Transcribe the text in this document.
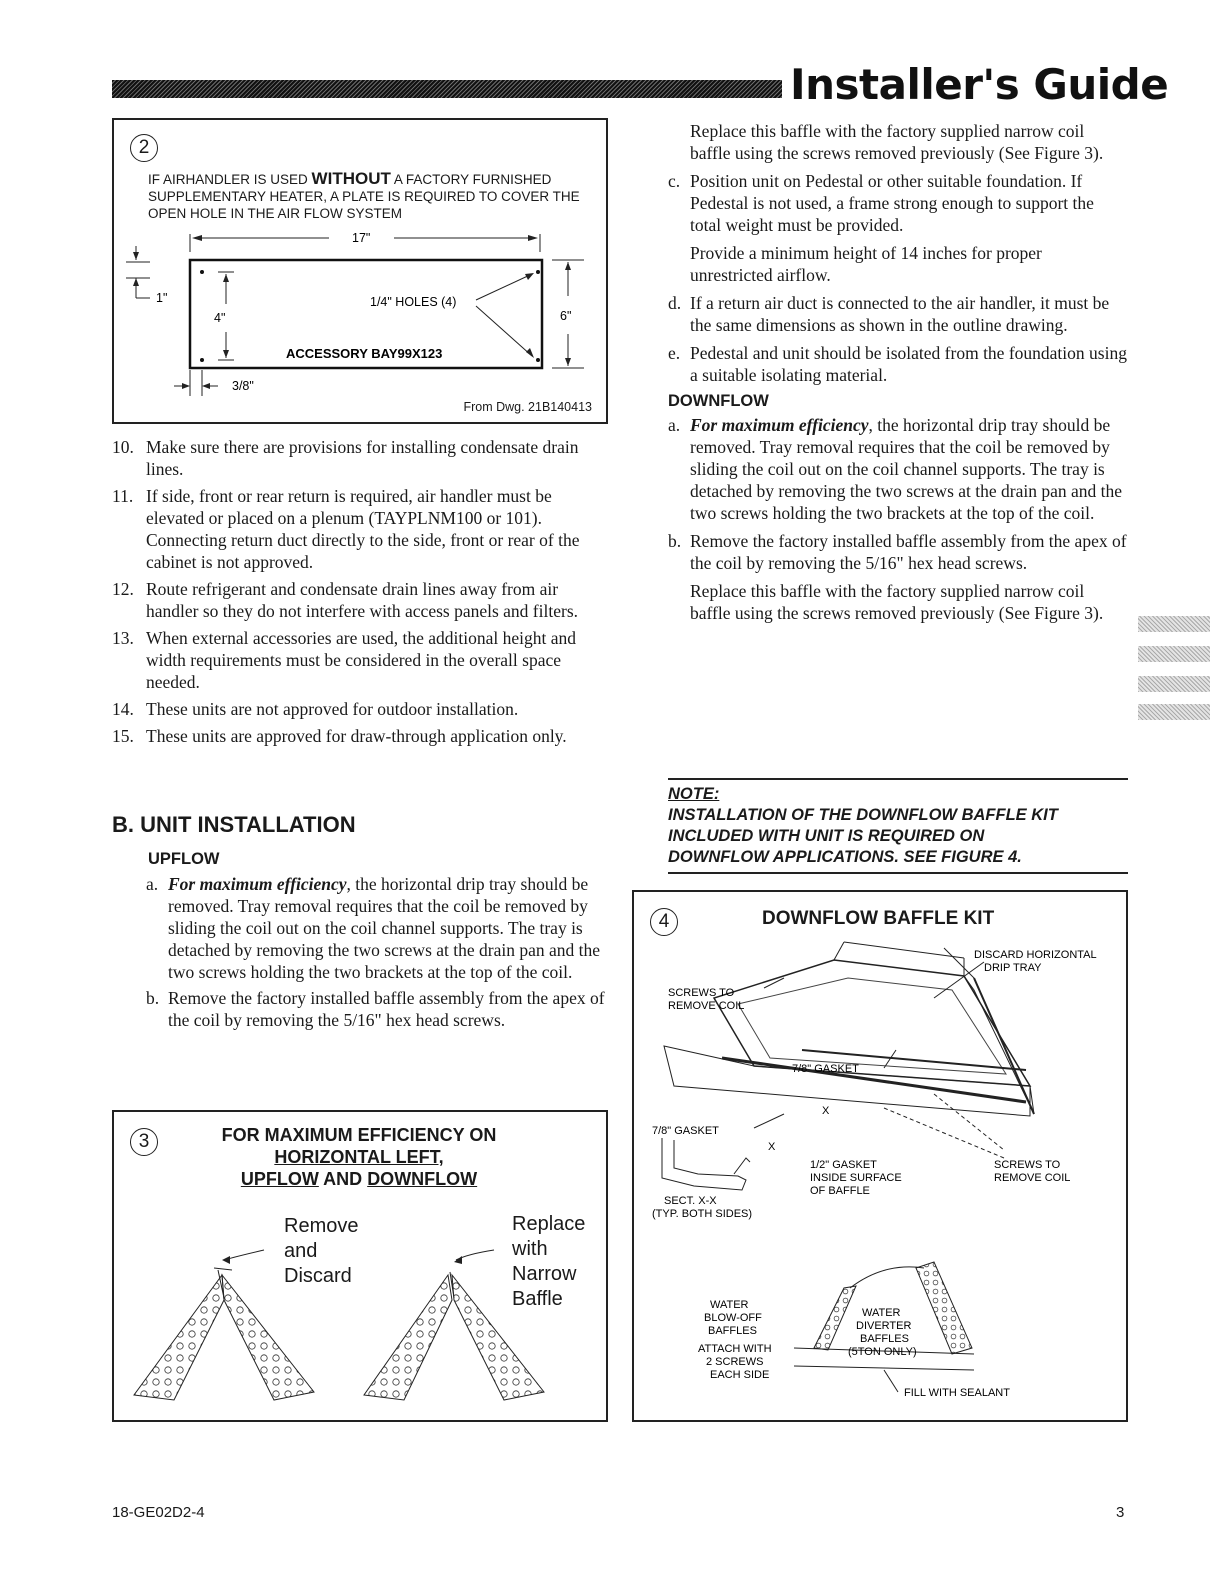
Installer's Guide
2
IF AIRHANDLER IS USED WITHOUT A FACTORY FURNISHED SUPPLEMENTARY HEATER, A PLATE IS REQUIRED TO COVER THE OPEN HOLE IN THE AIR FLOW SYSTEM
17"
4"
1"
6"
1/4" HOLES (4)
ACCESSORY BAY99X123
3/8"
From Dwg. 21B140413

10. Make sure there are provisions for installing condensate drain lines.

11. If side, front or rear return is required, air handler must be elevated or placed on a plenum (TAYPLNM100 or 101). Connecting return duct directly to the side, front or rear of the cabinet is not approved.

12. Route refrigerant and condensate drain lines away from air handler so they do not interfere with access panels and filters.

13. When external accessories are used, the additional height and width requirements must be considered in the overall space needed.

14. These units are not approved for outdoor installation.

15. These units are approved for draw-through application only.

B. UNIT INSTALLATION
UPFLOW

a. For maximum efficiency, the horizontal drip tray should be removed. Tray removal requires that the coil be removed by sliding the coil out on the coil channel supports. The tray is detached by removing the two screws at the drain pan and the two screws holding the two brackets at the top of the coil.

b. Remove the factory installed baffle assembly from the apex of the coil by removing the 5/16" hex head screws.

3	FOR MAXIMUM EFFICIENCY ON
HORIZONTAL LEFT,
UPFLOW AND DOWNFLOW
Remove
and
Discard
Replace
with
Narrow
Baffle

Replace this baffle with the factory supplied narrow coil baffle using the screws removed previously (See Figure 3).

c. Position unit on Pedestal or other suitable foundation. If Pedestal is not used, a frame strong enough to support the total weight must be provided.

Provide a minimum height of 14 inches for proper unrestricted airflow.

d. If a return air duct is connected to the air handler, it must be the same dimensions as shown in the outline drawing.

e. Pedestal and unit should be isolated from the foundation using a suitable isolating material.

DOWNFLOW

a. For maximum efficiency, the horizontal drip tray should be removed. Tray removal requires that the coil be removed by sliding the coil out on the coil channel supports. The tray is detached by removing the two screws at the drain pan and the two screws holding the two brackets at the top of the coil.

b. Remove the factory installed baffle assembly from the apex of the coil by removing the 5/16" hex head screws.

Replace this baffle with the factory supplied narrow coil baffle using the screws removed previously (See Figure 3).

NOTE:
INSTALLATION OF THE DOWNFLOW BAFFLE KIT
INCLUDED WITH UNIT IS REQUIRED ON
DOWNFLOW APPLICATIONS. SEE FIGURE 4.
4	DOWNFLOW BAFFLE KIT
DISCARD HORIZONTAL
DRIP TRAY
SCREWS TO
REMOVE COIL
7/8" GASKET
X
7/8" GASKET
X
1/2" GASKET
INSIDE SURFACE
OF BAFFLE
SCREWS TO
REMOVE COIL
SECT. X-X
(TYP. BOTH SIDES)
WATER
BLOW-OFF
BAFFLES
ATTACH WITH
2 SCREWS
EACH SIDE
WATER
DIVERTER
BAFFLES
(5TON ONLY)
FILL WITH SEALANT
18-GE02D2-4	3
